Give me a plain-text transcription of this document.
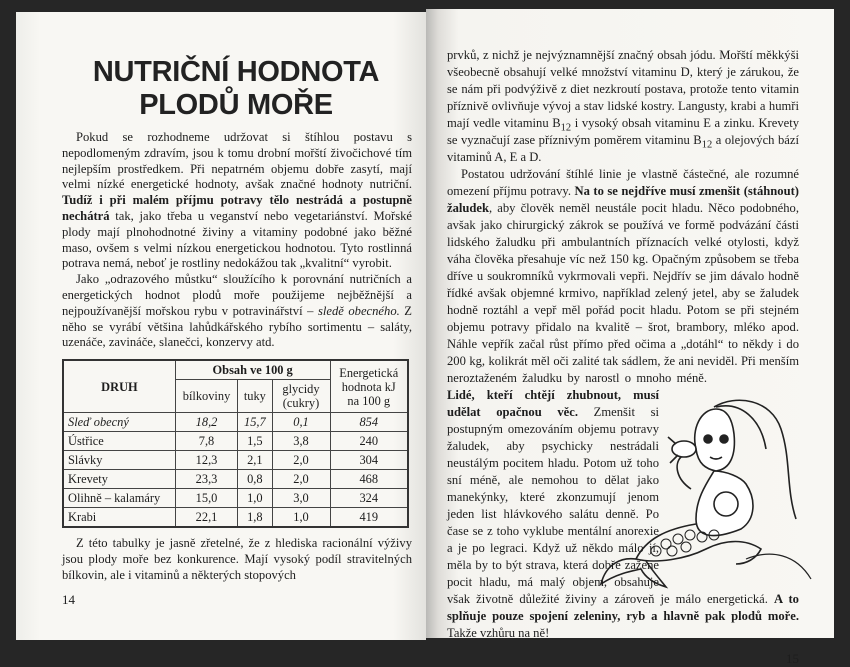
NUTRIČNÍ HODNOTA
PLODŮ MOŘE

Pokud se rozhodneme udržovat si štíhlou postavu s nepodlomeným zdravím, jsou k tomu drobní mořští živočichové tím nejlepším prostředkem. Při nepatrném objemu dobře zasytí, mají velmi nízké energetické hodnoty, avšak značné hodnoty nutriční. Tudíž i při malém příjmu potravy tělo nestrádá a postupně nechátrá tak, jako třeba u veganství nebo vegetariánství. Mořské plody mají plnohodnotné živiny a vitaminy podobné jako běžné maso, ovšem s velmi nízkou energetickou hodnotou. Tyto rostlinná potrava nemá, neboť je rostliny nedokážou tak „kvalitní“ vyrobit.

Jako „odrazového můstku“ sloužícího k porovnání nutričních a energetických hodnot plodů moře použijeme nejběžnější a nejpoužívanější mořskou rybu v potravinářství – sledě obecného. Z něho se vyrábí většina lahůdkářského rybího sortimentu – saláty, uzenáče, zavináče, slanečci, konzervy atd.

DRUH	Obsah ve 100 g			Energetická hodnota kJ na 100 g
	bílkoviny	tuky	glycidy (cukry)	
Sleď obecný	18,2	15,7	0,1	854
Ústřice	7,8	1,5	3,8	240
Slávky	12,3	2,1	2,0	304
Krevety	23,3	0,8	2,0	468
Olihně – kalamáry	15,0	1,0	3,0	324
Krabi	22,1	1,8	1,0	419

Z této tabulky je jasně zřetelné, že z hlediska racionální výživy jsou plody moře bez konkurence. Mají vysoký podíl stravitelných bílkovin, ale i vitaminů a některých stopových

14

prvků, z nichž je nejvýznamnější značný obsah jódu. Mořští měkkýši všeobecně obsahují velké množství vitaminu D, který je zárukou, že se nám při podvýživě z diet nezkroutí postava, protože tento vitamin příznivě ovlivňuje vývoj a stav lidské kostry. Langusty, krabi a humři mají vedle vitaminu $B_{12}$ i vysoký obsah vitaminu E a zinku. Krevety se vyznačují zase příznivým poměrem vitaminu $B_{12}$ a olejových bází vitaminů A, E a D.

Postatou udržování štíhlé linie je vlastně částečné, ale rozumné omezení příjmu potravy. Na to se nejdříve musí zmenšit (stáhnout) žaludek, aby člověk neměl neustále pocit hladu. Něco podobného, avšak jako chirurgický zákrok se používá ve formě podvázání části lidského žaludku při ambulantních příznacích velké otylosti, když váha člověka přesahuje víc než 150 kg. Opačným způsobem se třeba dříve u soukromníků vykrmovali vepři. Nejdřív se jim dávalo hodně řídké avšak objemné krmivo, například zelený jetel, aby se žaludek hodně roztáhl a vepř měl pořád pocit hladu. Potom se při stejném objemu potravy přidalo na kvalitě – šrot, brambory, mléko apod. Náhle vepřík začal růst přímo před očima a „dotáhl“ to někdy i do 200 kg, kolikrát měl oči zalité tak sádlem, že ani neviděl. Při menším neroztaženém žaludku by narostl o mnoho méně. Lidé, kteří chtějí zhubnout, musí udělat opačnou věc. Zmenšit si postupným omezováním objemu potravy žaludek, aby psychicky nestrádali neustálým pocitem hladu. Potom už toho sní méně, ale nemohou to dělat jako manekýnky, které zkonzumují jenom jeden list hlávkového salátu denně. Po čase se z toho vyklube mentální anorexie a je po legraci. Když už někdo málo jí, měla by to být strava, která dobře zažene pocit hladu, má malý objem, obsahuje však životně důležité živiny a zároveň je málo energetická. A to splňuje pouze spojení zeleniny, ryb a hlavně pak plodů moře. Takže vzhůru na ně!

15
